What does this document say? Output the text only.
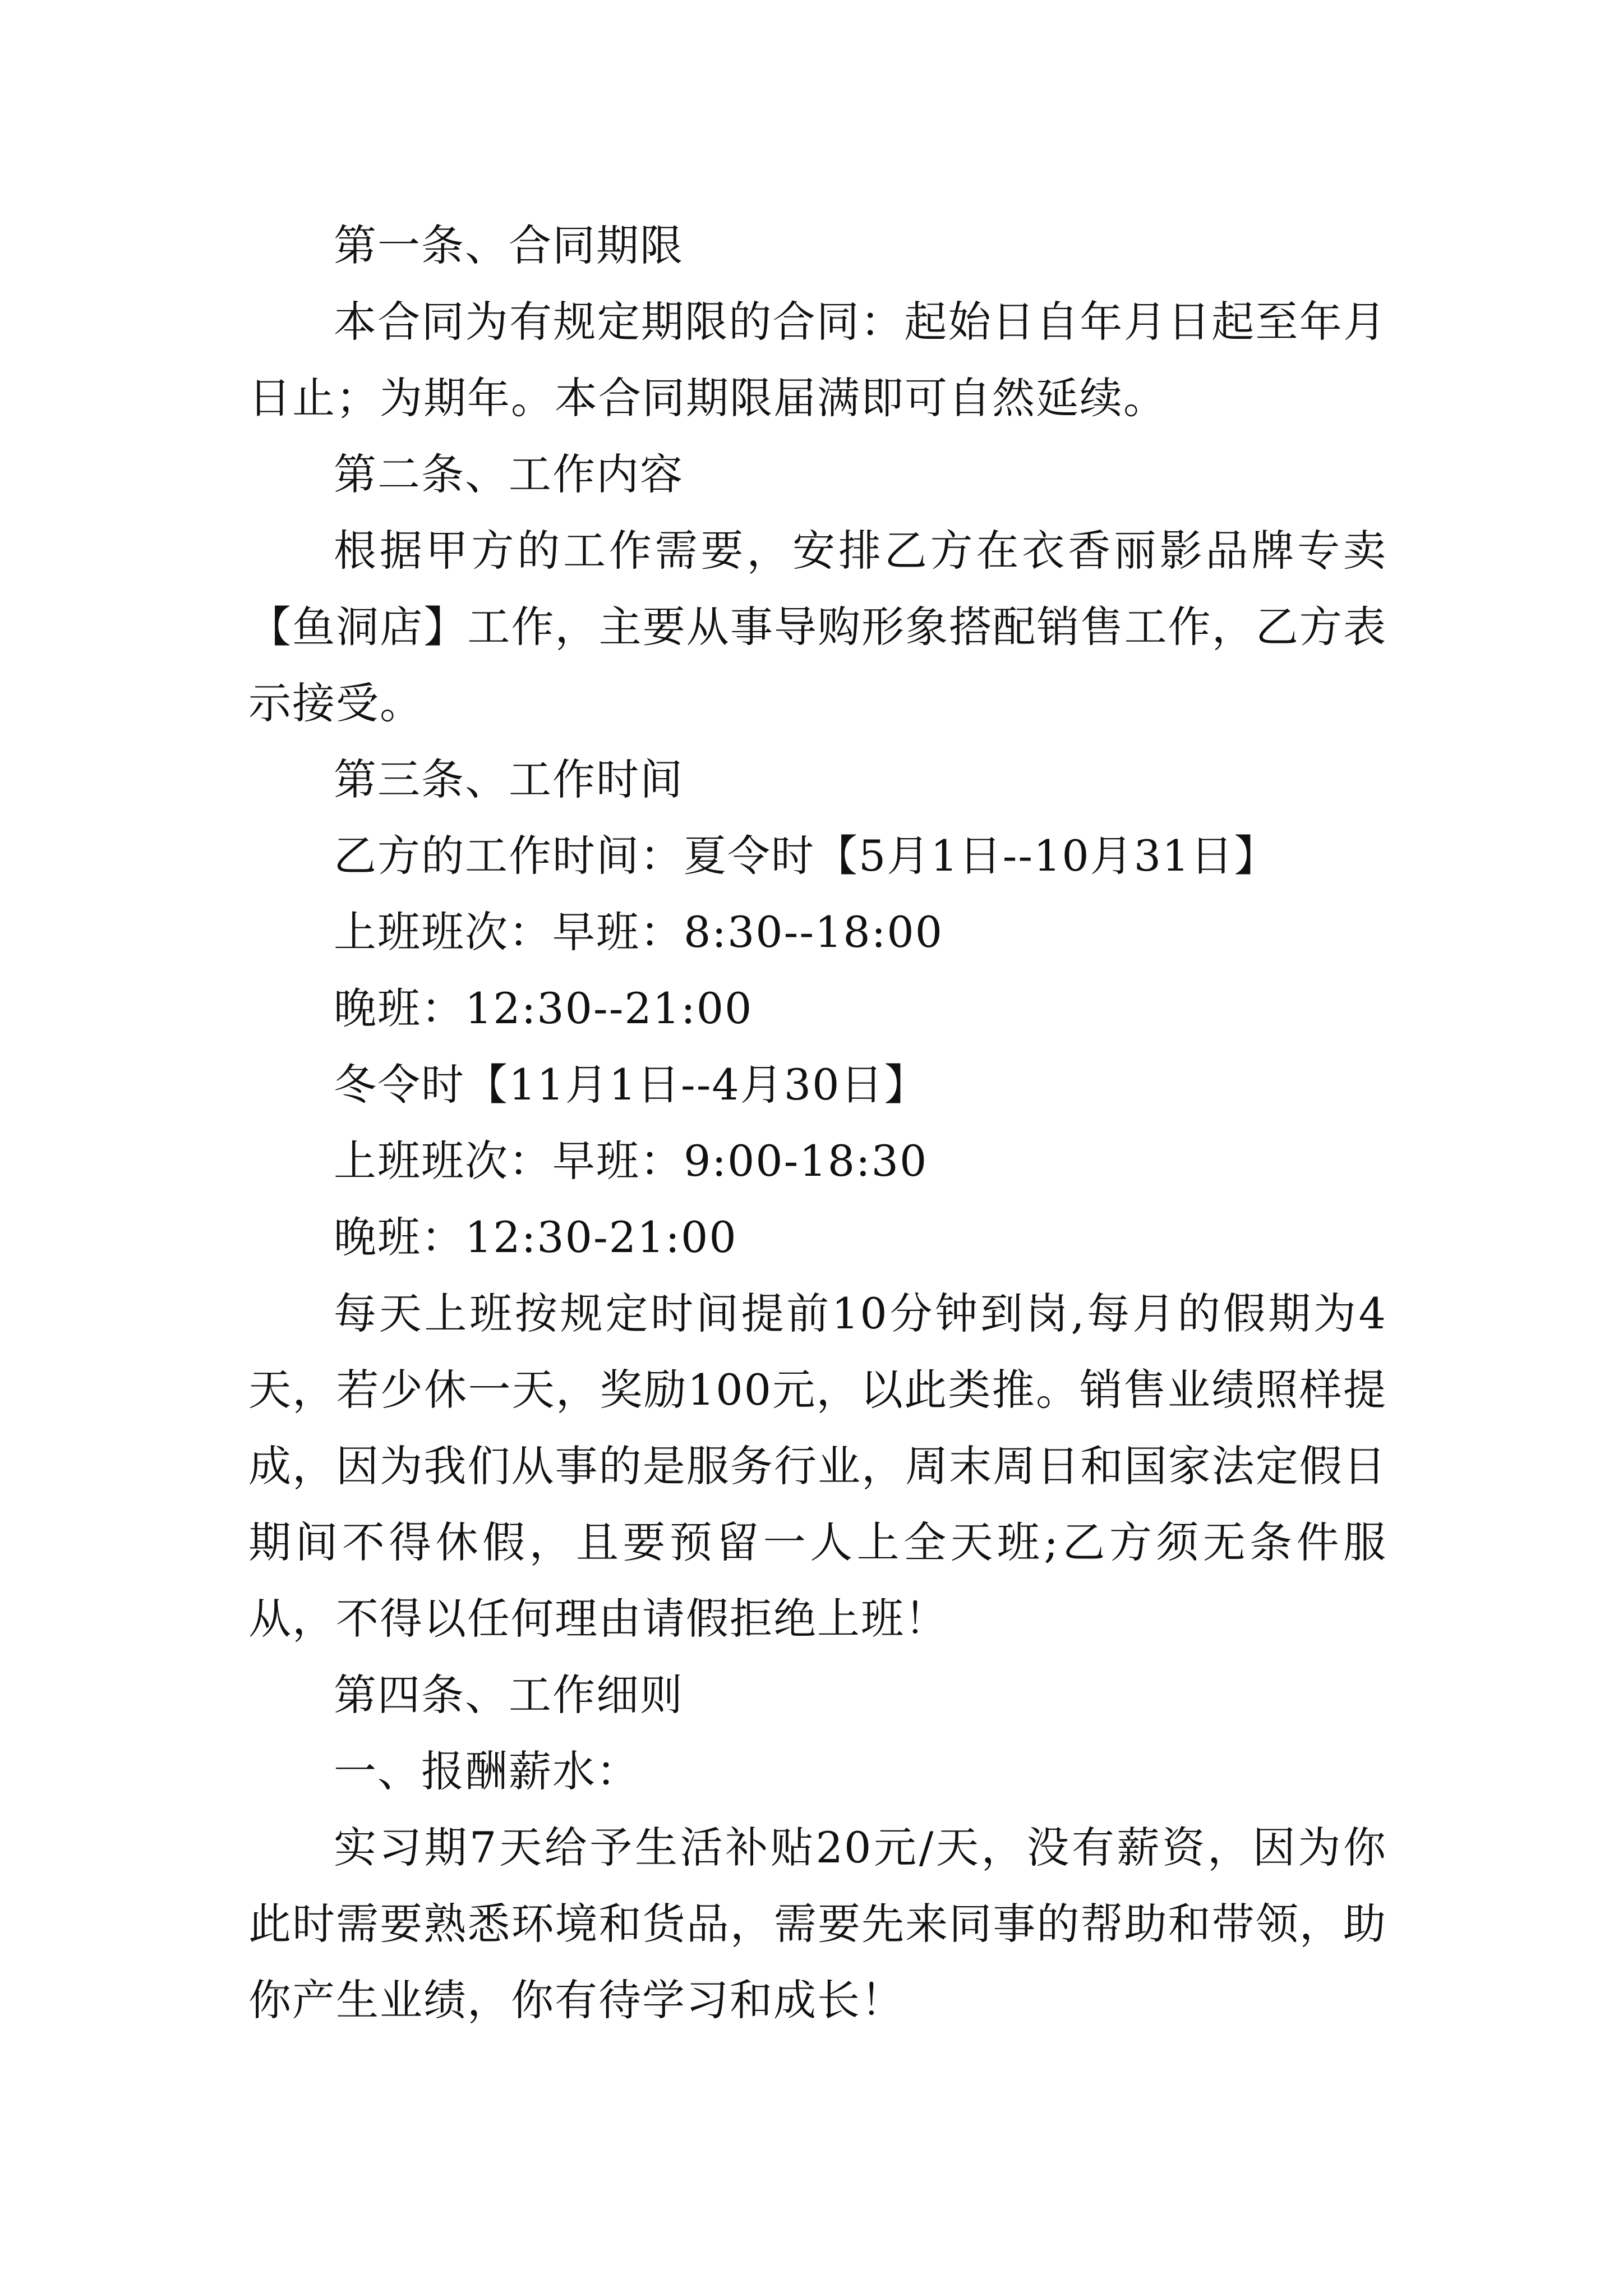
第一条、合同期限

本合同为有规定期限的合同：起始日自年月日起至年月日止；为期年。本合同期限届满即可自然延续。

第二条、工作内容

根据甲方的工作需要，安排乙方在衣香丽影品牌专卖【鱼洞店】工作，主要从事导购形象搭配销售工作，乙方表示接受。

第三条、工作时间

乙方的工作时间：夏令时【5月1日--10月31日】

上班班次：早班：8:30--18:00

晚班：12:30--21:00

冬令时【11月1日--4月30日】

上班班次：早班：9:00-18:30

晚班：12:30-21:00

每天上班按规定时间提前10分钟到岗,每月的假期为4天，若少休一天，奖励100元，以此类推。销售业绩照样提成，因为我们从事的是服务行业，周末周日和国家法定假日期间不得休假，且要预留一人上全天班;乙方须无条件服从，不得以任何理由请假拒绝上班！

第四条、工作细则

一、报酬薪水：

实习期7天给予生活补贴20元/天，没有薪资，因为你此时需要熟悉环境和货品，需要先来同事的帮助和带领，助你产生业绩，你有待学习和成长！
